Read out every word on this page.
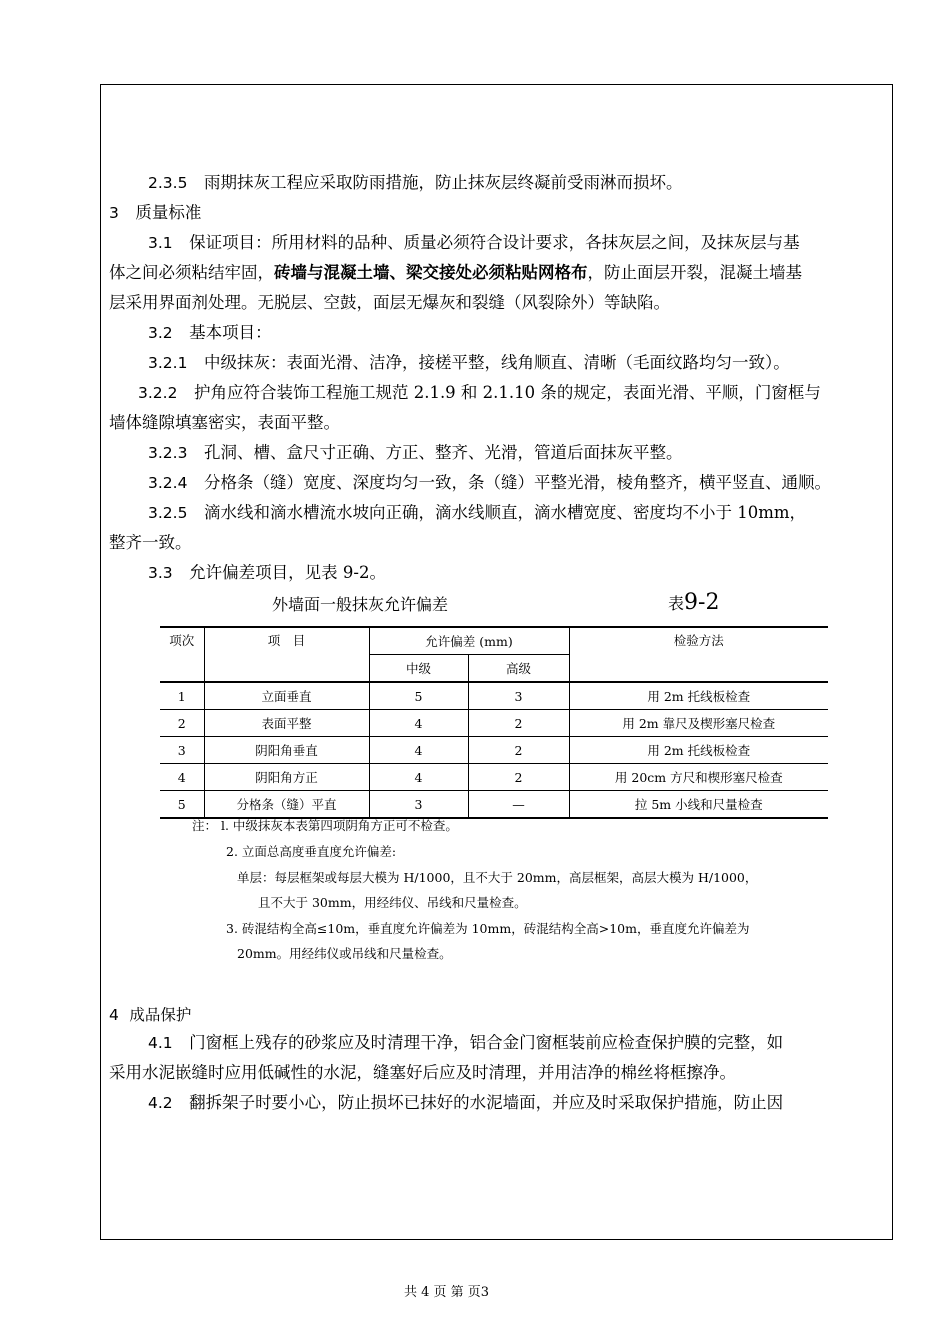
2.3.5　 雨期抹灰工程应采取防雨措施，防止抹灰层终凝前受雨淋而损坏。
3　 质量标准
3.1　 保证项目：所用材料的品种、质量必须符合设计要求，各抹灰层之间，及抹灰层与基
体之间必须粘结牢固，砖墙与混凝土墙、梁交接处必须粘贴网格布，防止面层开裂，混凝土墙基
层采用界面剂处理。无脱层、空鼓，面层无爆灰和裂缝（风裂除外）等缺陷。
3.2　 基本项目：
3.2.1　 中级抹灰：表面光滑、洁净，接槎平整，线角顺直、清晰（毛面纹路均匀一致）。
3.2.2　 护角应符合装饰工程施工规范 2.1.9 和 2.1.10 条的规定，表面光滑、平顺，门窗框与
墙体缝隙填塞密实，表面平整。
3.2.3　 孔洞、槽、盒尺寸正确、方正、整齐、光滑，管道后面抹灰平整。
3.2.4　 分格条（缝）宽度、深度均匀一致，条（缝）平整光滑，棱角整齐，横平竖直、通顺。
3.2.5　 滴水线和滴水槽流水坡向正确，滴水线顺直，滴水槽宽度、密度均不小于 10mm，
整齐一致。
3.3　 允许偏差项目，见表 9-2。
外墙面一般抹灰允许偏差	表9-2
项次	项　目	允许偏差 (mm)		检验方法
		中级	高级	
1	立面垂直	5	3	用 2m 托线板检查
2	表面平整	4	2	用 2m 靠尺及楔形塞尺检查
3	阴阳角垂直	4	2	用 2m 托线板检查
4	阴阳角方正	4	2	用 20cm 方尺和楔形塞尺检查
5	分格条（缝）平直	3	—	拉 5m 小线和尺量检查
注： l. 中级抹灰本表第四项阴角方正可不检查。
2. 立面总高度垂直度允许偏差:
单层：每层框架或每层大模为 H/1000，且不大于 20mm，高层框架，高层大模为 H/1000，
且不大于 30mm，用经纬仪、吊线和尺量检查。
3. 砖混结构全高≤10m，垂直度允许偏差为 10mm，砖混结构全高>10m，垂直度允许偏差为
20mm。用经纬仪或吊线和尺量检查。
4 成品保护
4.1　 门窗框上残存的砂浆应及时清理干净，铝合金门窗框装前应检查保护膜的完整，如
采用水泥嵌缝时应用低碱性的水泥，缝塞好后应及时清理，并用洁净的棉丝将框擦净。
4.2　 翻拆架子时要小心，防止损坏已抹好的水泥墙面，并应及时采取保护措施，防止因
共 4 页 第 页3
